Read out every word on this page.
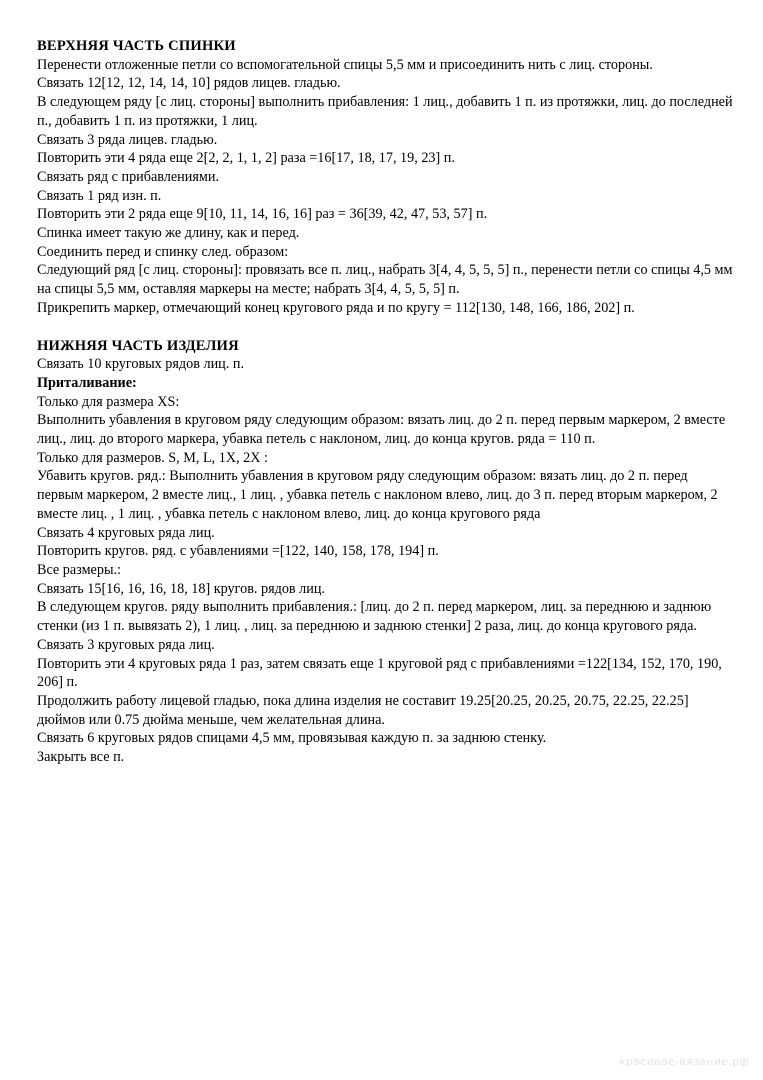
ВЕРХНЯЯ ЧАСТЬ СПИНКИ

Перенести отложенные петли со вспомогательной спицы 5,5 мм и присоединить нить с лиц. стороны.

Связать 12[12, 12, 14, 14, 10] рядов лицев. гладью.

В следующем ряду [с лиц. стороны] выполнить прибавления: 1 лиц., добавить 1 п. из протяжки, лиц. до последней п., добавить 1 п. из протяжки, 1 лиц.

Связать 3 ряда лицев. гладью.

Повторить эти 4 ряда еще 2[2, 2, 1, 1, 2] раза =16[17, 18, 17, 19, 23] п.

Связать ряд с прибавлениями.

Связать 1 ряд изн. п.

Повторить эти 2 ряда еще 9[10, 11, 14, 16, 16] раз = 36[39, 42, 47, 53, 57] п.

Спинка имеет такую же длину, как и перед.

Соединить перед и спинку след. образом:

Следующий ряд [с лиц. стороны]: провязать все п. лиц., набрать 3[4, 4, 5, 5, 5] п., перенести петли со спицы 4,5 мм на спицы 5,5 мм, оставляя маркеры на месте; набрать 3[4, 4, 5, 5, 5] п.

Прикрепить маркер, отмечающий конец кругового ряда и по кругу = 112[130, 148, 166, 186, 202] п.

НИЖНЯЯ ЧАСТЬ ИЗДЕЛИЯ

Связать 10 круговых рядов лиц. п.

Приталивание:

Только для размера XS:

Выполнить убавления в круговом ряду следующим образом: вязать лиц. до 2 п. перед первым маркером, 2 вместе лиц., лиц. до второго маркера, убавка петель с наклоном, лиц. до конца кругов. ряда = 110 п.

Только для размеров. S, M, L, 1X, 2X :

Убавить кругов. ряд.: Выполнить убавления в круговом ряду следующим образом: вязать лиц. до 2 п. перед первым маркером, 2 вместе лиц., 1 лиц. , убавка петель с наклоном влево, лиц. до 3 п. перед вторым маркером, 2 вместе лиц. , 1 лиц. , убавка петель с наклоном влево, лиц. до конца кругового ряда

Связать 4 круговых ряда лиц.

Повторить кругов. ряд. с убавлениями =[122, 140, 158, 178, 194] п.

Все размеры.:

Связать 15[16, 16, 16, 18, 18] кругов. рядов лиц.

В следующем кругов. ряду выполнить прибавления.: [лиц. до 2 п. перед маркером, лиц. за переднюю и заднюю стенки (из 1 п. вывязать 2), 1 лиц. , лиц. за переднюю и заднюю стенки] 2 раза, лиц. до конца кругового ряда.

Связать 3 круговых ряда лиц.

Повторить эти 4 круговых ряда 1 раз, затем связать еще 1 круговой ряд с прибавлениями =122[134, 152, 170, 190, 206] п.

Продолжить работу лицевой гладью, пока длина изделия не составит 19.25[20.25, 20.25, 20.75, 22.25, 22.25] дюймов или 0.75 дюйма меньше, чем желательная длина.

Связать 6 круговых рядов спицами 4,5 мм, провязывая каждую п. за заднюю стенку.

Закрыть все п.

красивое-вязание.рф
